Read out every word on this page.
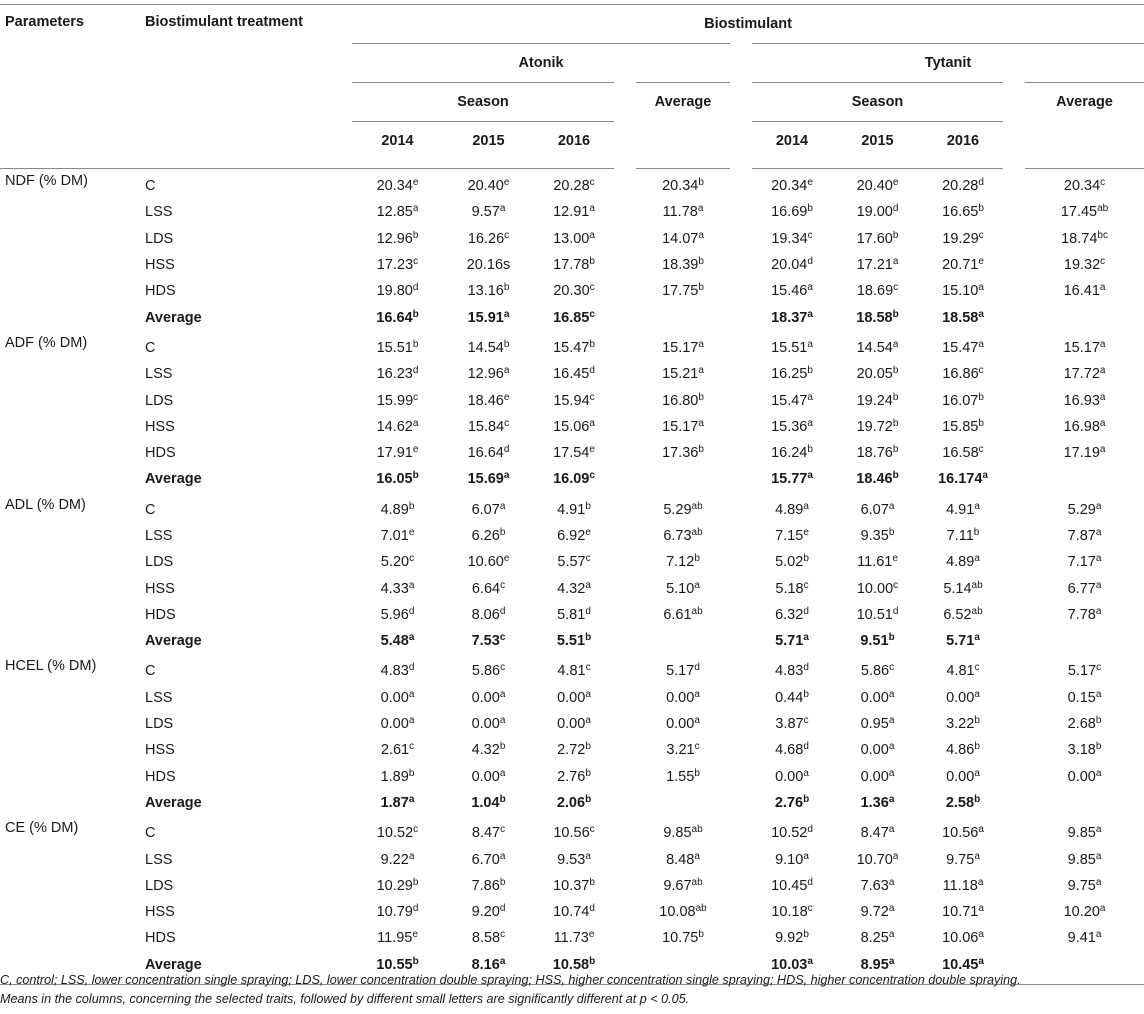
Parameters	Biostimulant treatment	Biostimulant							
		Atonik				Tytanit			
		Season			Average	Season			Average
		2014	2015	2016		2014	2015	2016	

NDF (% DM)	C	20.34e	20.40e	20.28$^c$	20.34$^b$	20.34e	20.40e	20.28$^d$	20.34$^c$
	LSS	12.85$^a$	9.57$^a$	12.91$^a$	11.78$^a$	16.69$^b$	19.00$^d$	16.65$^b$	17.45$^{ab}$
	LDS	12.96$^b$	16.26$^c$	13.00$^a$	14.07$^a$	19.34$^c$	17.60$^b$	19.29$^c$	18.74$^{bc}$
	HSS	17.23$^c$	20.16s	17.78$^b$	18.39$^b$	20.04$^d$	17.21$^a$	20.71e	19.32$^c$
	HDS	19.80$^d$	13.16$^b$	20.30$^c$	17.75$^b$	15.46$^a$	18.69$^c$	15.10$^a$	16.41$^a$
	Average	16.64$^b$	15.91$^a$	16.85$^c$		18.37$^a$	18.58$^b$	18.58$^a$	
ADF (% DM)	C	15.51$^b$	14.54$^b$	15.47$^b$	15.17$^a$	15.51$^a$	14.54$^a$	15.47$^a$	15.17$^a$
	LSS	16.23$^d$	12.96$^a$	16.45$^d$	15.21$^a$	16.25$^b$	20.05$^b$	16.86$^c$	17.72$^a$
	LDS	15.99$^c$	18.46e	15.94$^c$	16.80$^b$	15.47$^a$	19.24$^b$	16.07$^b$	16.93$^a$
	HSS	14.62$^a$	15.84$^c$	15.06$^a$	15.17$^a$	15.36$^a$	19.72$^b$	15.85$^b$	16.98$^a$
	HDS	17.91e	16.64$^d$	17.54e	17.36$^b$	16.24$^b$	18.76$^b$	16.58$^c$	17.19$^a$
	Average	16.05$^b$	15.69$^a$	16.09$^c$		15.77$^a$	18.46$^b$	16.174$^a$	
ADL (% DM)	C	4.89$^b$	6.07$^a$	4.91$^b$	5.29$^{ab}$	4.89$^a$	6.07$^a$	4.91$^a$	5.29$^a$
	LSS	7.01e	6.26$^b$	6.92e	6.73$^{ab}$	7.15e	9.35$^b$	7.11$^b$	7.87$^a$
	LDS	5.20$^c$	10.60e	5.57$^c$	7.12$^b$	5.02$^b$	11.61e	4.89$^a$	7.17$^a$
	HSS	4.33$^a$	6.64$^c$	4.32$^a$	5.10$^a$	5.18$^c$	10.00$^c$	5.14$^{ab}$	6.77$^a$
	HDS	5.96$^d$	8.06$^d$	5.81$^d$	6.61$^{ab}$	6.32$^d$	10.51$^d$	6.52$^{ab}$	7.78$^a$
	Average	5.48$^a$	7.53$^c$	5.51$^b$		5.71$^a$	9.51$^b$	5.71$^a$	
HCEL (% DM)	C	4.83$^d$	5.86$^c$	4.81$^c$	5.17$^d$	4.83$^d$	5.86$^c$	4.81$^c$	5.17$^c$
	LSS	0.00$^a$	0.00$^a$	0.00$^a$	0.00$^a$	0.44$^b$	0.00$^a$	0.00$^a$	0.15$^a$
	LDS	0.00$^a$	0.00$^a$	0.00$^a$	0.00$^a$	3.87$^c$	0.95$^a$	3.22$^b$	2.68$^b$
	HSS	2.61$^c$	4.32$^b$	2.72$^b$	3.21$^c$	4.68$^d$	0.00$^a$	4.86$^b$	3.18$^b$
	HDS	1.89$^b$	0.00$^a$	2.76$^b$	1.55$^b$	0.00$^a$	0.00$^a$	0.00$^a$	0.00$^a$
	Average	1.87$^a$	1.04$^b$	2.06$^b$		2.76$^b$	1.36$^a$	2.58$^b$	
CE (% DM)	C	10.52$^c$	8.47$^c$	10.56$^c$	9.85$^{ab}$	10.52$^d$	8.47$^a$	10.56$^a$	9.85$^a$
	LSS	9.22$^a$	6.70$^a$	9.53$^a$	8.48$^a$	9.10$^a$	10.70$^a$	9.75$^a$	9.85$^a$
	LDS	10.29$^b$	7.86$^b$	10.37$^b$	9.67$^{ab}$	10.45$^d$	7.63$^a$	11.18$^a$	9.75$^a$
	HSS	10.79$^d$	9.20$^d$	10.74$^d$	10.08$^{ab}$	10.18$^c$	9.72$^a$	10.71$^a$	10.20$^a$
	HDS	11.95e	8.58$^c$	11.73e	10.75$^b$	9.92$^b$	8.25$^a$	10.06$^a$	9.41$^a$
	Average	10.55$^b$	8.16$^a$	10.58$^b$		10.03$^a$	8.95$^a$	10.45$^a$	

C, control; LSS, lower concentration single spraying; LDS, lower concentration double spraying; HSS, higher concentration single spraying; HDS, higher concentration double spraying.
Means in the columns, concerning the selected traits, followed by different small letters are significantly different at p < 0.05.
